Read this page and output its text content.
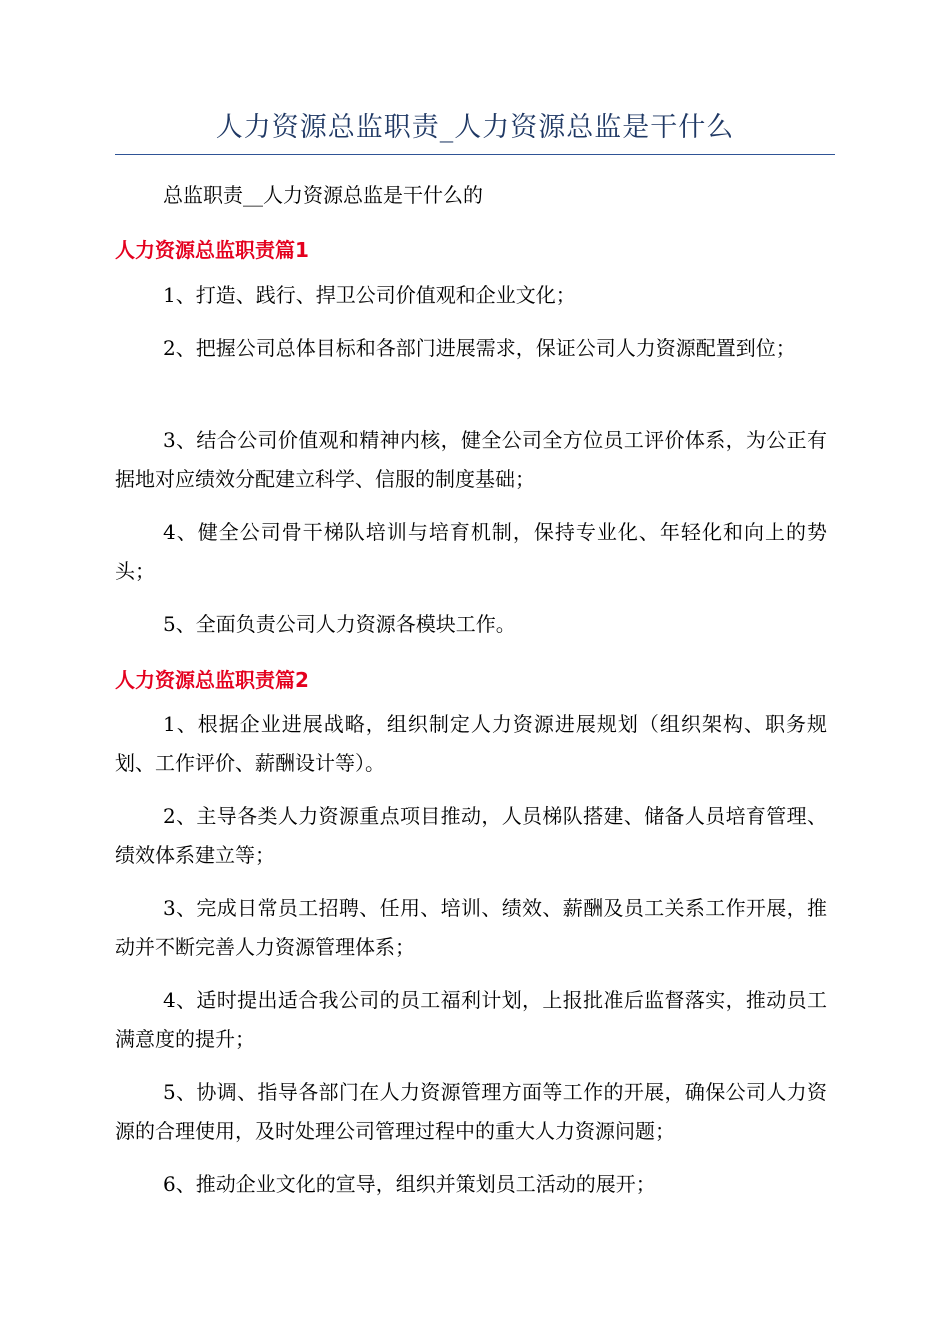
人力资源总监职责_人力资源总监是干什么

总监职责__人力资源总监是干什么的

人力资源总监职责篇1

1、打造、践行、捍卫公司价值观和企业文化；

2、把握公司总体目标和各部门进展需求，保证公司人力资源配置到位；

3、结合公司价值观和精神内核，健全公司全方位员工评价体系，为公正有据地对应绩效分配建立科学、信服的制度基础；

4、健全公司骨干梯队培训与培育机制，保持专业化、年轻化和向上的势头；

5、全面负责公司人力资源各模块工作。

人力资源总监职责篇2

1、根据企业进展战略，组织制定人力资源进展规划（组织架构、职务规划、工作评价、薪酬设计等）。

2、主导各类人力资源重点项目推动，人员梯队搭建、储备人员培育管理、绩效体系建立等；

3、完成日常员工招聘、任用、培训、绩效、薪酬及员工关系工作开展，推动并不断完善人力资源管理体系；

4、适时提出适合我公司的员工福利计划，上报批准后监督落实，推动员工满意度的提升；

5、协调、指导各部门在人力资源管理方面等工作的开展，确保公司人力资源的合理使用，及时处理公司管理过程中的重大人力资源问题；

6、推动企业文化的宣导，组织并策划员工活动的展开；
